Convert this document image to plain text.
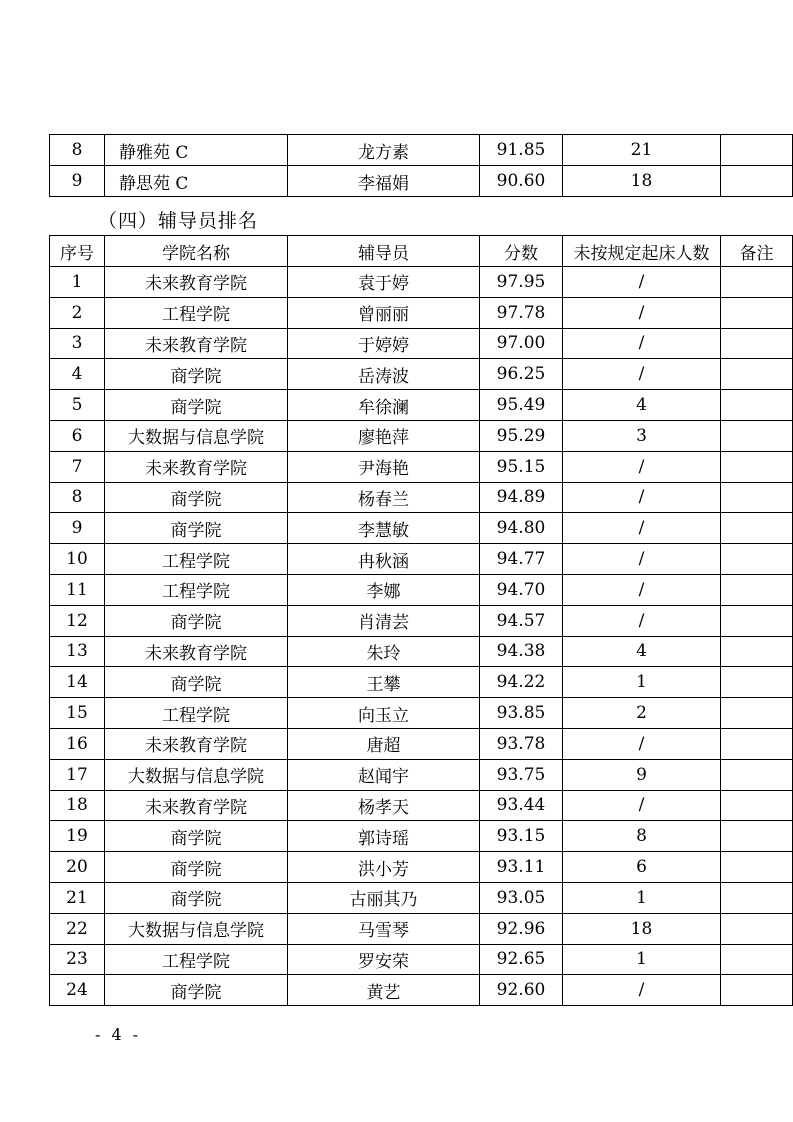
8	静雅苑 C	龙方素	91.85	21	
9	静思苑 C	李福娟	90.60	18	
（四）辅导员排名
序号	学院名称	辅导员	分数	未按规定起床人数	备注
1	未来教育学院	袁于婷	97.95	/	
2	工程学院	曾丽丽	97.78	/	
3	未来教育学院	于婷婷	97.00	/	
4	商学院	岳涛波	96.25	/	
5	商学院	牟徐澜	95.49	4	
6	大数据与信息学院	廖艳萍	95.29	3	
7	未来教育学院	尹海艳	95.15	/	
8	商学院	杨春兰	94.89	/	
9	商学院	李慧敏	94.80	/	
10	工程学院	冉秋涵	94.77	/	
11	工程学院	李娜	94.70	/	
12	商学院	肖清芸	94.57	/	
13	未来教育学院	朱玲	94.38	4	
14	商学院	王攀	94.22	1	
15	工程学院	向玉立	93.85	2	
16	未来教育学院	唐超	93.78	/	
17	大数据与信息学院	赵闻宇	93.75	9	
18	未来教育学院	杨孝天	93.44	/	
19	商学院	郭诗瑶	93.15	8	
20	商学院	洪小芳	93.11	6	
21	商学院	古丽其乃	93.05	1	
22	大数据与信息学院	马雪琴	92.96	18	
23	工程学院	罗安荣	92.65	1	
24	商学院	黄艺	92.60	/	
- 4 -
